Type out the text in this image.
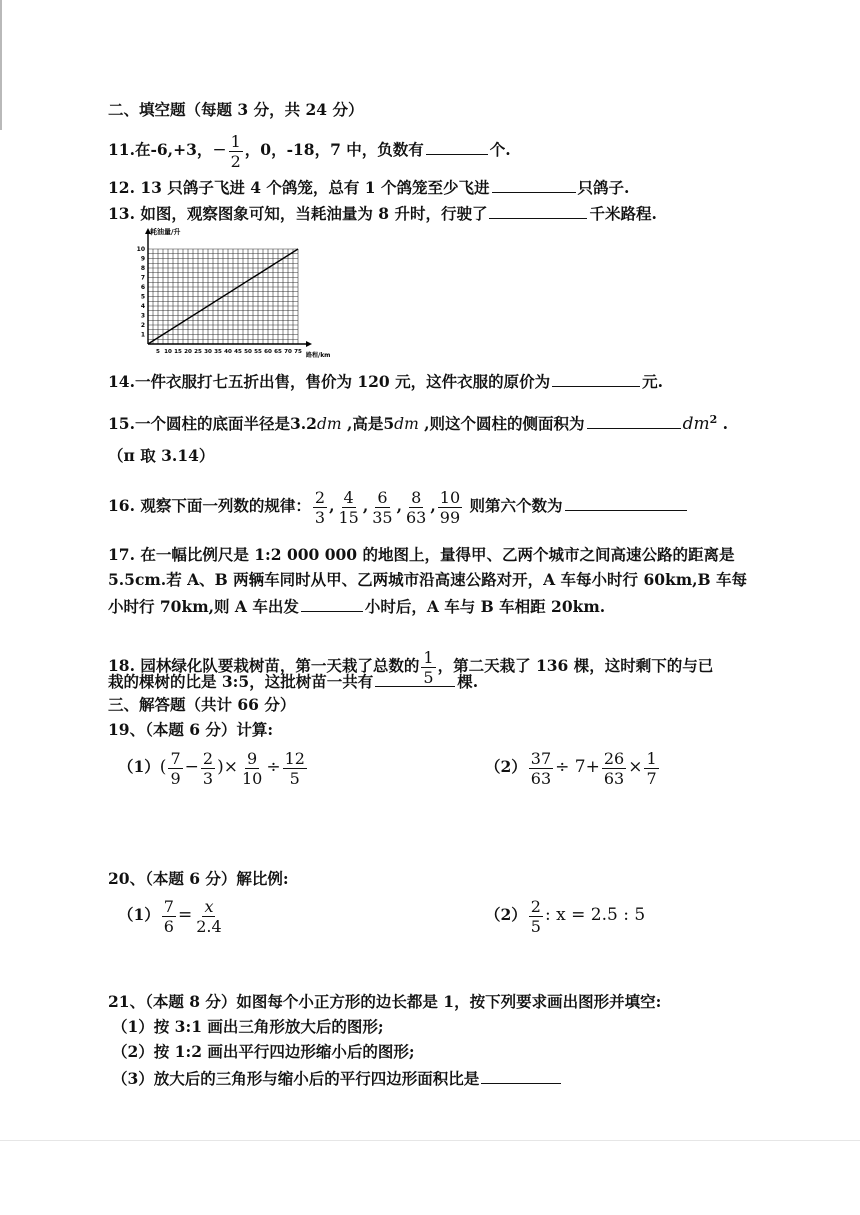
二、填空题（每题 3 分，共 24 分）
11.在-6,+3，− $\frac{1}{2}$ ，0，-18，7 中，负数有	个.
12. 13 只鸽子飞进 4 个鸽笼，总有 1 个鸽笼至少飞进	只鸽子.
13. 如图，观察图象可知，当耗油量为 8 升时，行驶了	千米路程.
耗油量/升
路程/km
5 10 15 20 25 30 35 40 45 50 55 60 65 70 75
1
2
3
4
5
6
7
8
9
10
14.一件衣服打七五折出售，售价为 120 元，这件衣服的原价为	元.
15.一个圆柱的底面半径是3.2dm ,高是5dm ,则这个圆柱的侧面积为	$dm^2$ .
（π 取 3.14）
16. 观察下面一列数的规律： $\frac{2}{3}$ , $\frac{4}{15}$ , $\frac{6}{35}$ , $\frac{8}{63}$ , $\frac{10}{99}$ 则第六个数为
17. 在一幅比例尺是 1:2 000 000 的地图上，量得甲、乙两个城市之间高速公路的距离是
5.5cm.若 A、B 两辆车同时从甲、乙两城市沿高速公路对开，A 车每小时行 60km,B 车每
小时行 70km,则 A 车出发	小时后，A 车与 B 车相距 20km.
18. 园林绿化队要栽树苗，第一天栽了总数的 $\frac{1}{5}$ ，第二天栽了 136 棵，这时剩下的与已
栽的棵树的比是 3:5，这批树苗一共有	棵.
三、解答题（共计 66 分）
19、（本题 6 分）计算:
$(1)( \frac{7}{9} - \frac{2}{3}$ )× $\frac{9}{10} \div \frac{12}{5}$	$(2) \frac{37}{63} \div 7+ \frac{26}{63} \times \frac{1}{7}$
20、（本题 6 分）解比例:
$(1) \frac{7}{6} = \frac{x}{2.4}$	$(2) \frac{2}{5}$ : x = 2.5 : 5
21、（本题 8 分）如图每个小正方形的边长都是 1，按下列要求画出图形并填空:
（1）按 3:1 画出三角形放大后的图形;
（2）按 1:2 画出平行四边形缩小后的图形;
（3）放大后的三角形与缩小后的平行四边形面积比是
